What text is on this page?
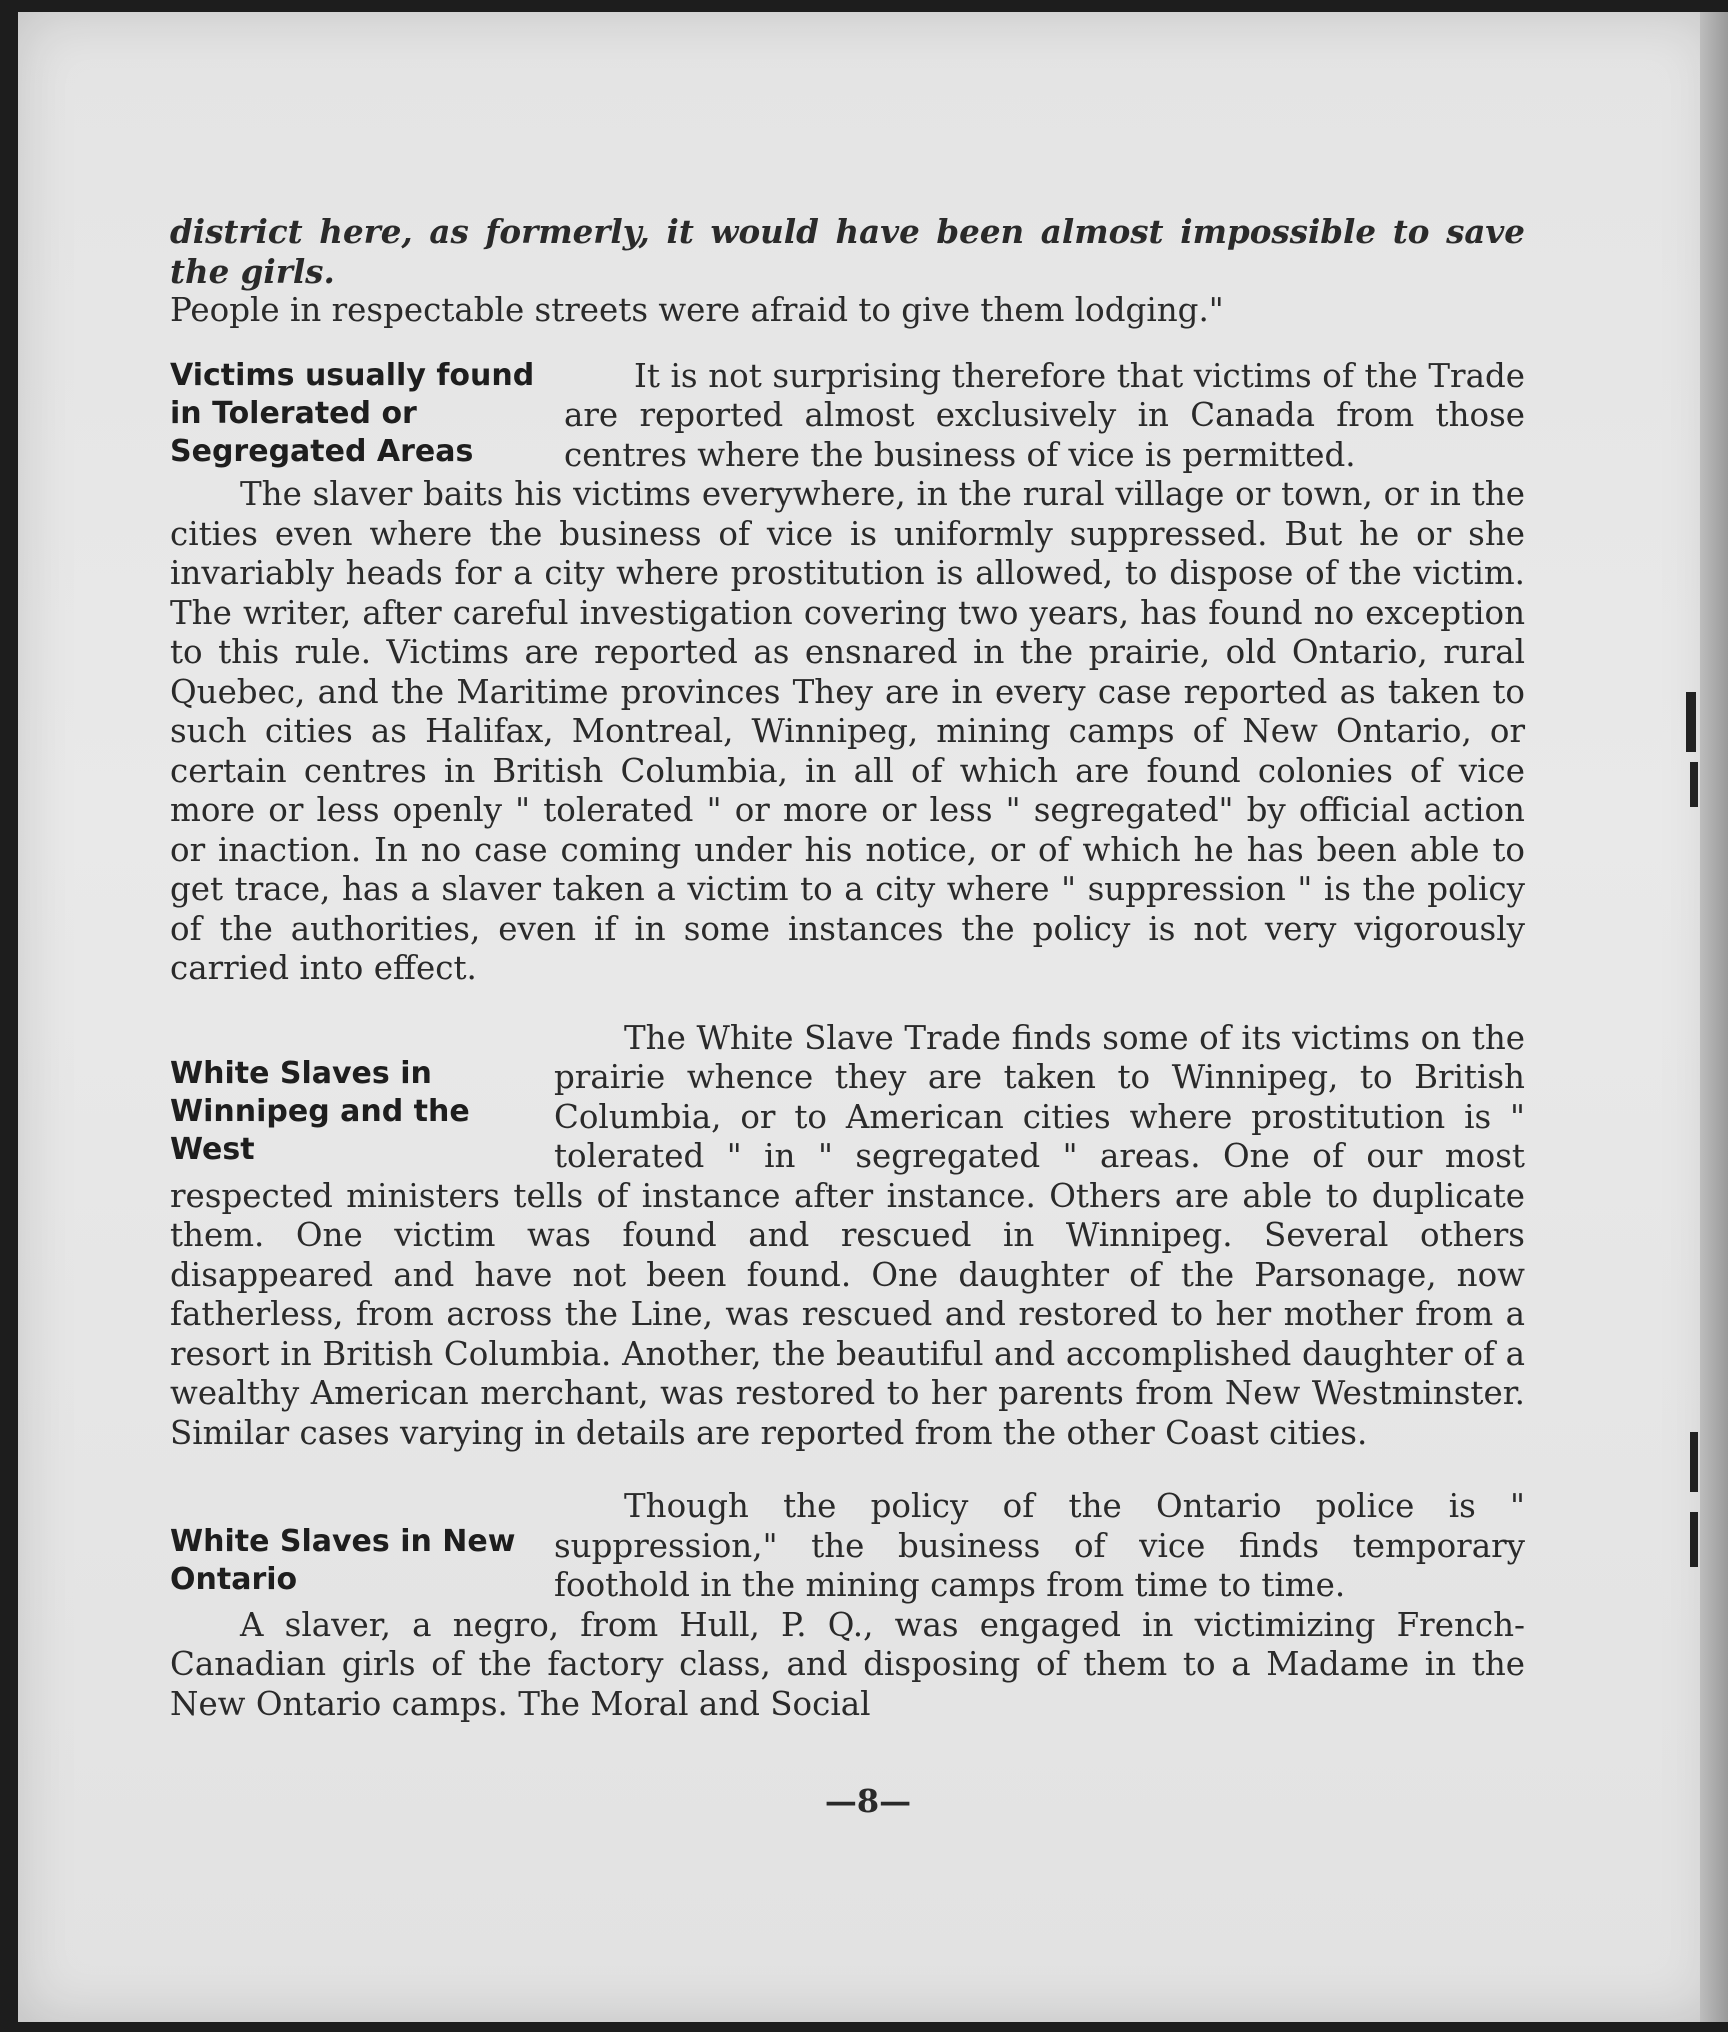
district here, as formerly, it would have been almost impossible to save the girls.

People in respectable streets were afraid to give them lodging."

Victims usually found in Tolerated or Segregated Areas

It is not surprising therefore that victims of the Trade are reported almost exclusively in Canada from those centres where the business of vice is permitted.

The slaver baits his victims everywhere, in the rural village or town, or in the cities even where the business of vice is uniformly suppressed. But he or she invariably heads for a city where prostitution is allowed, to dispose of the victim. The writer, after careful investigation covering two years, has found no exception to this rule. Victims are reported as ensnared in the prairie, old Ontario, rural Quebec, and the Maritime provinces They are in every case reported as taken to such cities as Halifax, Montreal, Winnipeg, mining camps of New Ontario, or certain centres in British Columbia, in all of which are found colonies of vice more or less openly " tolerated " or more or less " segregated" by official action or inaction. In no case coming under his notice, or of which he has been able to get trace, has a slaver taken a victim to a city where " suppression " is the policy of the authorities, even if in some instances the policy is not very vigorously carried into effect.

White Slaves in Winnipeg and the West

The White Slave Trade finds some of its victims on the prairie whence they are taken to Winnipeg, to British Columbia, or to American cities where prostitution is " tolerated " in " segregated " areas. One of our most respected ministers tells of instance after instance. Others are able to duplicate them. One victim was found and rescued in Winnipeg. Several others disappeared and have not been found. One daughter of the Parsonage, now fatherless, from across the Line, was rescued and restored to her mother from a resort in British Columbia. Another, the beautiful and accomplished daughter of a wealthy American merchant, was restored to her parents from New Westminster. Similar cases varying in details are reported from the other Coast cities.

White Slaves in New Ontario

Though the policy of the Ontario police is " suppression," the business of vice finds temporary foothold in the mining camps from time to time.

A slaver, a negro, from Hull, P. Q., was engaged in victimizing French-Canadian girls of the factory class, and disposing of them to a Madame in the New Ontario camps. The Moral and Social

—8—
